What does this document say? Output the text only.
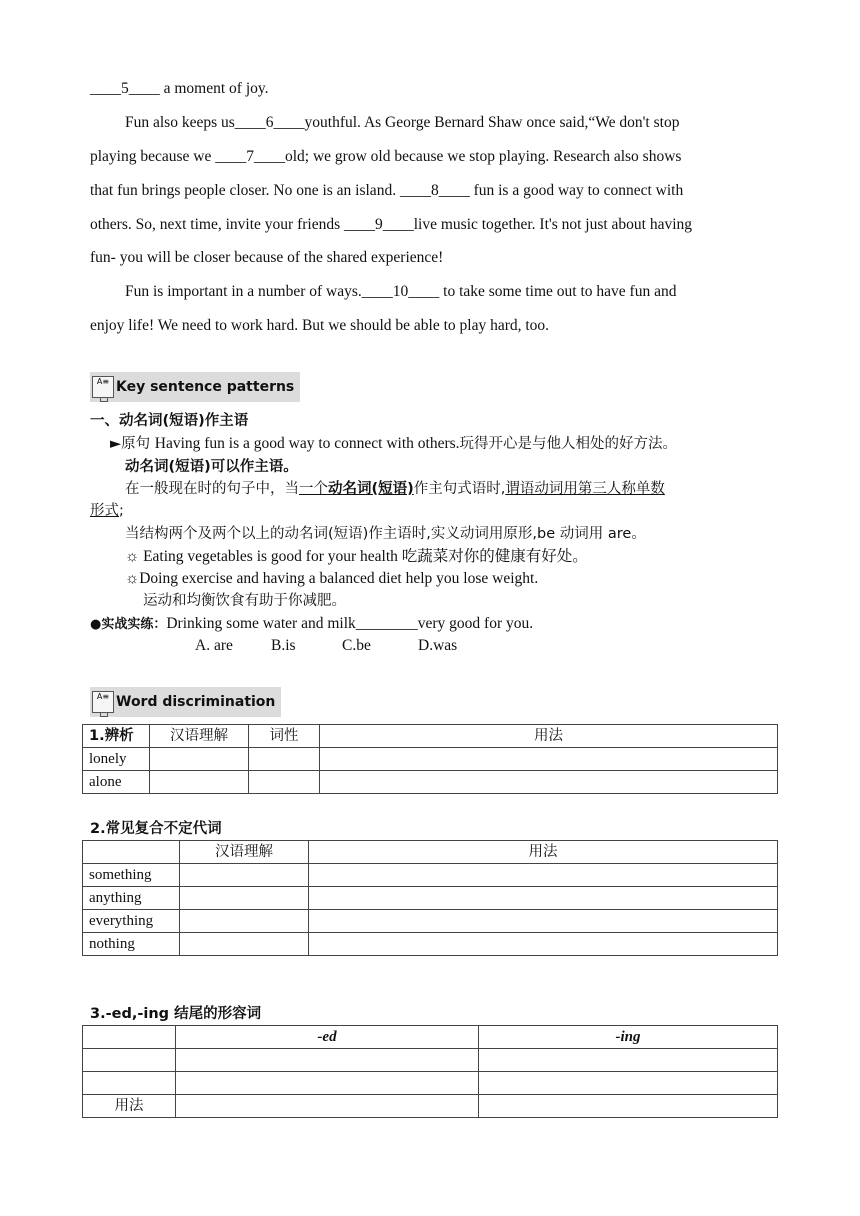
____5____ a moment of joy.
Fun also keeps us____6____youthful. As George Bernard Shaw once said,“We don't stop
playing because we ____7____old; we grow old because we stop playing. Research also shows
that fun brings people closer. No one is an island. ____8____ fun is a good way to connect with
others. So, next time, invite your friends ____9____live music together. It's not just about having
fun- you will be closer because of the shared experience!
Fun is important in a number of ways.____10____ to take some time out to have fun and
enjoy life! We need to work hard. But we should be able to play hard, too.
A≡ Key sentence patterns
一、动名词(短语)作主语
►原句 Having fun is a good way to connect with others.玩得开心是与他人相处的好方法。
动名词(短语)可以作主语。
在一般现在时的句子中，当一个动名词(短语)作主句式语时,谓语动词用第三人称单数
形式;
当结构两个及两个以上的动名词(短语)作主语时,实义动词用原形,be 动词用 are。
☼ Eating vegetables is good for your health 吃蔬菜对你的健康有好处。
☼Doing exercise and having a balanced diet help you lose weight.
运动和均衡饮食有助于你减肥。
●实战实练：Drinking some water and milk________very good for you.
A. are B.is	C.be	D.was
A≡ Word discrimination
1.辨析	汉语理解	词性	用法
lonely			
alone			
2.常见复合不定代词
	汉语理解	用法
something		
anything		
everything		
nothing		
3.-ed,-ing 结尾的形容词
	-ed	-ing

用法		
